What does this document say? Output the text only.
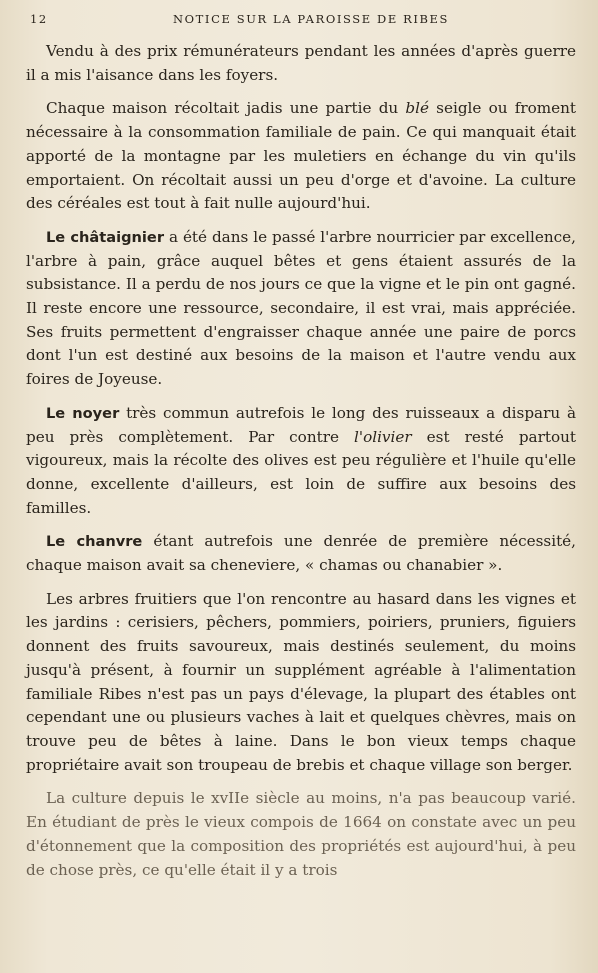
12	NOTICE SUR LA PAROISSE DE RIBES

Vendu à des prix rémunérateurs pendant les années d'après guerre il a mis l'aisance dans les foyers.

Chaque maison récoltait jadis une partie du blé seigle ou froment nécessaire à la consommation familiale de pain. Ce qui manquait était apporté de la montagne par les muletiers en échange du vin qu'ils emportaient. On récoltait aussi un peu d'orge et d'avoine. La culture des céréales est tout à fait nulle aujourd'hui.

Le châtaignier a été dans le passé l'arbre nourricier par excellence, l'arbre à pain, grâce auquel bêtes et gens étaient assurés de la subsistance. Il a perdu de nos jours ce que la vigne et le pin ont gagné. Il reste encore une ressource, secondaire, il est vrai, mais appréciée. Ses fruits permettent d'engraisser chaque année une paire de porcs dont l'un est destiné aux besoins de la maison et l'autre vendu aux foires de Joyeuse.

Le noyer très commun autrefois le long des ruisseaux a disparu à peu près complètement. Par contre l'olivier est resté partout vigoureux, mais la récolte des olives est peu régulière et l'huile qu'elle donne, excellente d'ailleurs, est loin de suffire aux besoins des familles.

Le chanvre étant autrefois une denrée de première nécessité, chaque maison avait sa cheneviere, « chamas ou chanabier ».

Les arbres fruitiers que l'on rencontre au hasard dans les vignes et les jardins : cerisiers, pêchers, pommiers, poiriers, pruniers, figuiers donnent des fruits savoureux, mais destinés seulement, du moins jusqu'à présent, à fournir un supplément agréable à l'alimentation familiale Ribes n'est pas un pays d'élevage, la plupart des étables ont cependant une ou plusieurs vaches à lait et quelques chèvres, mais on trouve peu de bêtes à laine. Dans le bon vieux temps chaque propriétaire avait son troupeau de brebis et chaque village son berger.

La culture depuis le xvIIe siècle au moins, n'a pas beaucoup varié. En étudiant de près le vieux compois de 1664 on constate avec un peu d'étonnement que la composition des propriétés est aujourd'hui, à peu de chose près, ce qu'elle était il y a trois
